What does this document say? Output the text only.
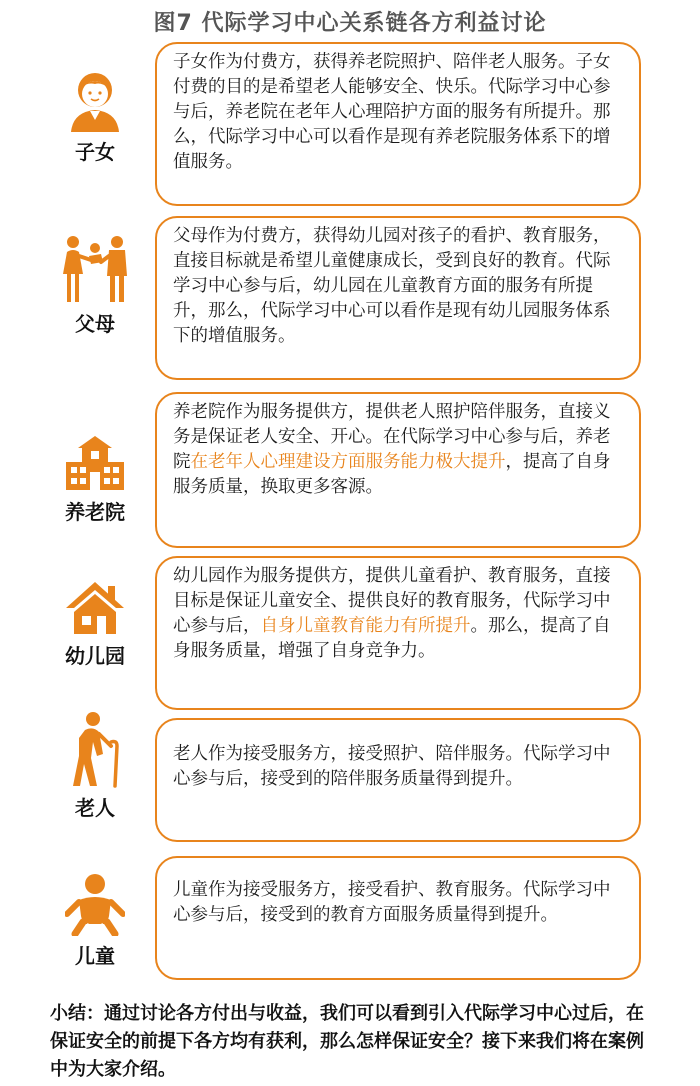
图7 代际学习中心关系链各方利益讨论
子女
子女作为付费方，获得养老院照护、陪伴老人服务。子女付费的目的是希望老人能够安全、快乐。代际学习中心参与后，养老院在老年人心理陪护方面的服务有所提升。那么，代际学习中心可以看作是现有养老院服务体系下的增值服务。
父母
父母作为付费方，获得幼儿园对孩子的看护、教育服务，直接目标就是希望儿童健康成长，受到良好的教育。代际学习中心参与后，幼儿园在儿童教育方面的服务有所提升，那么，代际学习中心可以看作是现有幼儿园服务体系下的增值服务。
养老院
养老院作为服务提供方，提供老人照护陪伴服务，直接义务是保证老人安全、开心。在代际学习中心参与后，养老院在老年人心理建设方面服务能力极大提升，提高了自身服务质量，换取更多客源。
幼儿园
幼儿园作为服务提供方，提供儿童看护、教育服务，直接目标是保证儿童安全、提供良好的教育服务，代际学习中心参与后，自身儿童教育能力有所提升。那么，提高了自身服务质量，增强了自身竞争力。
老人
老人作为接受服务方，接受照护、陪伴服务。代际学习中心参与后，接受到的陪伴服务质量得到提升。
儿童
儿童作为接受服务方，接受看护、教育服务。代际学习中心参与后，接受到的教育方面服务质量得到提升。
小结：通过讨论各方付出与收益，我们可以看到引入代际学习中心过后，在保证安全的前提下各方均有获利，那么怎样保证安全？接下来我们将在案例中为大家介绍。
